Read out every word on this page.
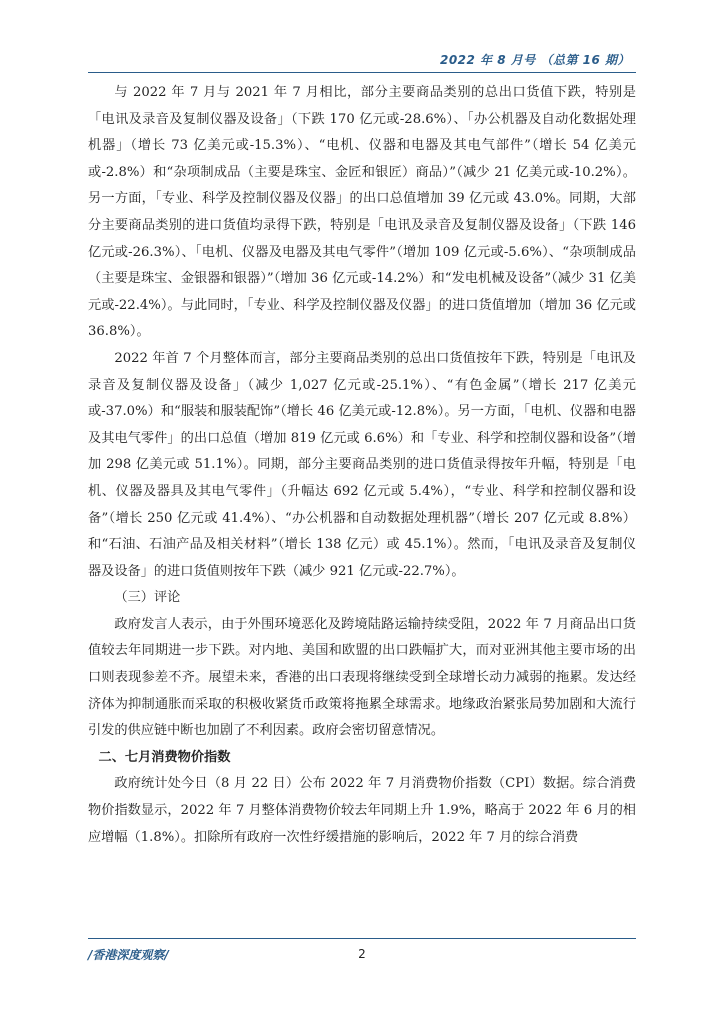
2022 年 8 月号 （总第 16 期）

与 2022 年 7 月与 2021 年 7 月相比，部分主要商品类别的总出口货值下跌，特别是「电讯及录音及复制仪器及设备」（下跌 170 亿元或-28.6%）、「办公机器及自动化数据处理机器」（增长 73 亿美元或-15.3%）、“电机、仪器和电器及其电气部件”（增长 54 亿美元或-2.8%）和“杂项制成品（主要是珠宝、金匠和银匠）商品）”（减少 21 亿美元或-10.2%）。另一方面，「专业、科学及控制仪器及仪器」的出口总值增加 39 亿元或 43.0%。同期，大部分主要商品类别的进口货值均录得下跌，特别是「电讯及录音及复制仪器及设备」（下跌 146 亿元或-26.3%）、「电机、仪器及电器及其电气零件”（增加 109 亿元或-5.6%）、“杂项制成品（主要是珠宝、金银器和银器）”（增加 36 亿元或-14.2%）和“发电机械及设备”（减少 31 亿美元或-22.4%）。与此同时，「专业、科学及控制仪器及仪器」的进口货值增加（增加 36 亿元或 36.8%）。

2022 年首 7 个月整体而言，部分主要商品类别的总出口货值按年下跌，特别是「电讯及录音及复制仪器及设备」（减少 1,027 亿元或-25.1%）、“有色金属”（增长 217 亿美元或-37.0%）和“服装和服装配饰”（增长 46 亿美元或-12.8%）。另一方面，「电机、仪器和电器及其电气零件」的出口总值（增加 819 亿元或 6.6%）和「专业、科学和控制仪器和设备”（增加 298 亿美元或 51.1%）。同期，部分主要商品类别的进口货值录得按年升幅，特别是「电机、仪器及器具及其电气零件」（升幅达 692 亿元或 5.4%），“专业、科学和控制仪器和设备”（增长 250 亿元或 41.4%）、“办公机器和自动数据处理机器”（增长 207 亿元或 8.8%）和“石油、石油产品及相关材料”（增长 138 亿元）或 45.1%）。然而，「电讯及录音及复制仪器及设备」的进口货值则按年下跌（减少 921 亿元或-22.7%）。

（三）评论

政府发言人表示，由于外围环境恶化及跨境陆路运输持续受阻，2022 年 7 月商品出口货值较去年同期进一步下跌。对内地、美国和欧盟的出口跌幅扩大，而对亚洲其他主要市场的出口则表现参差不齐。展望未来，香港的出口表现将继续受到全球增长动力减弱的拖累。发达经济体为抑制通胀而采取的积极收紧货币政策将拖累全球需求。地缘政治紧张局势加剧和大流行引发的供应链中断也加剧了不利因素。政府会密切留意情况。

二、七月消费物价指数

政府统计处今日（8 月 22 日）公布 2022 年 7 月消费物价指数（CPI）数据。综合消费物价指数显示，2022 年 7 月整体消费物价较去年同期上升 1.9%，略高于 2022 年 6 月的相应增幅（1.8%）。扣除所有政府一次性纾缓措施的影响后，2022 年 7 月的综合消费

/香港深度观察/	2
